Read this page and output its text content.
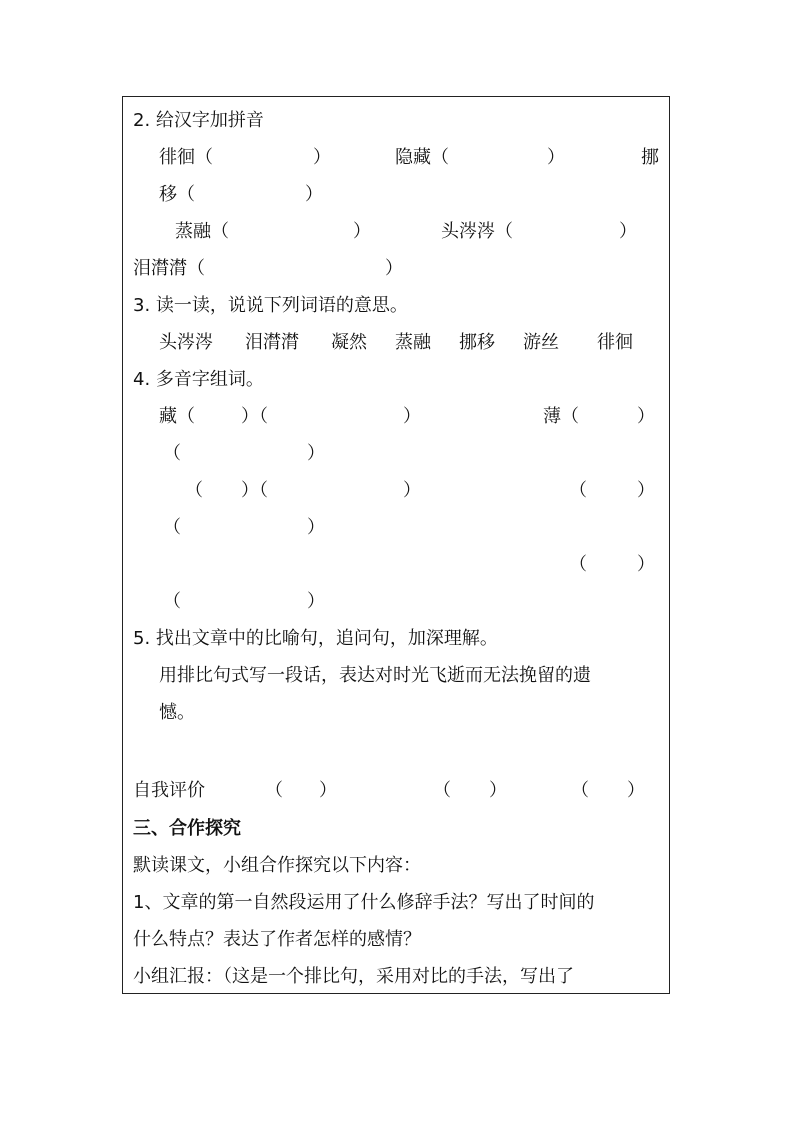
2. 给汉字加拼音
徘徊（	）	隐藏（	）	挪
移（	）
蒸融（	）	头涔涔（	）
泪潸潸（	）
3. 读一读，说说下列词语的意思。
头涔涔 泪潸潸 凝然 蒸融 挪移 游丝 徘徊
4. 多音字组词。
藏（	）（	）	薄（	）
（	）
（ ）（	）	（	）
（	）
（	）
（	）
5. 找出文章中的比喻句，追问句，加深理解。
用排比句式写一段话，表达对时光飞逝而无法挽留的遗
憾。
自我评价	（ ）	（ ）	（ ）
三、合作探究
默读课文，小组合作探究以下内容：
1、文章的第一自然段运用了什么修辞手法？写出了时间的
什么特点？表达了作者怎样的感情？
小组汇报：（这是一个排比句，采用对比的手法，写出了
